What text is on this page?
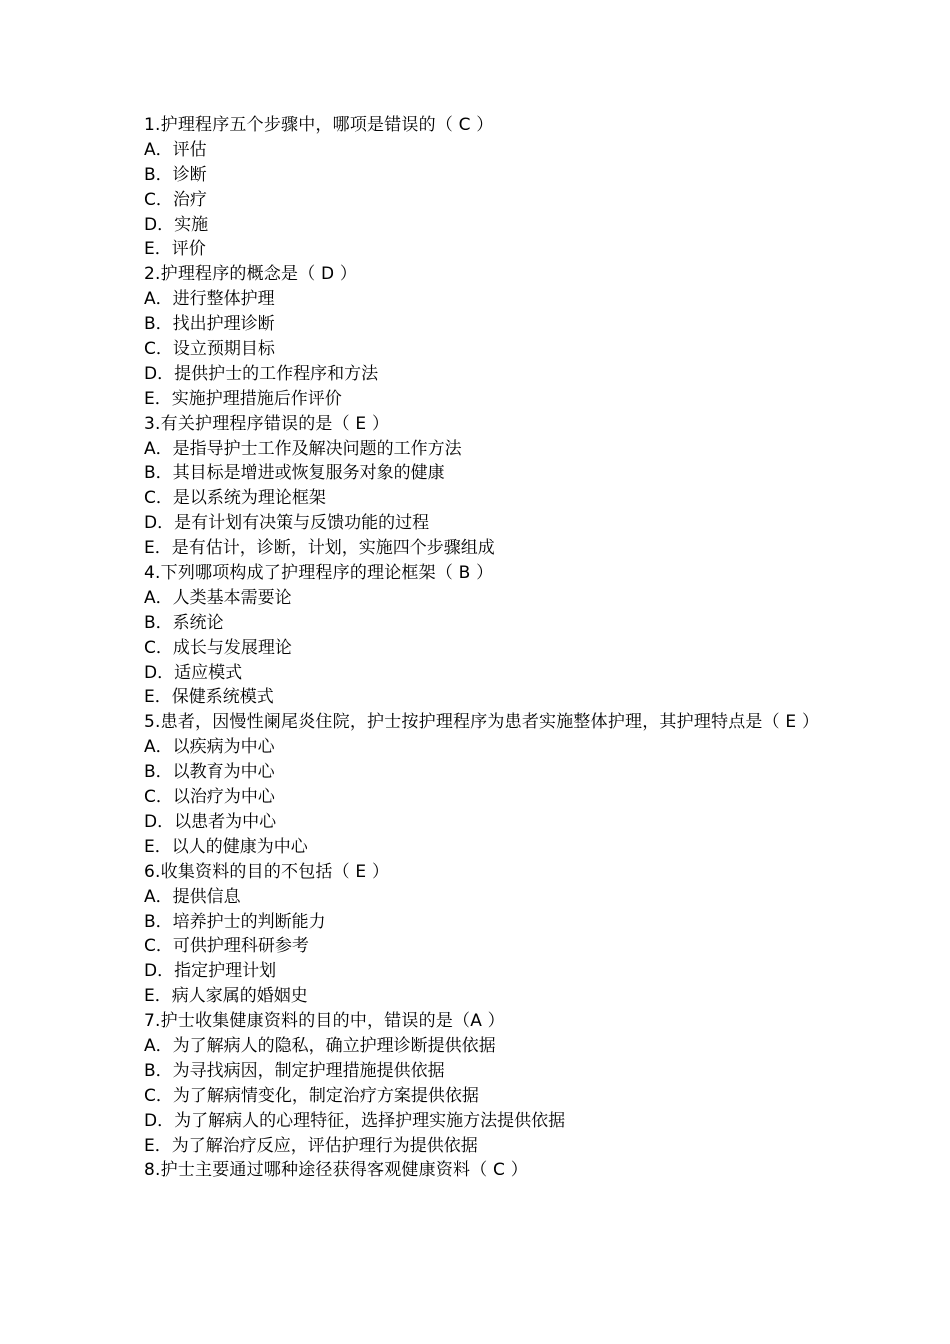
1.护理程序五个步骤中，哪项是错误的（ C ）
A．评估
B．诊断
C．治疗
D．实施
E．评价
2.护理程序的概念是（ D ）
A．进行整体护理
B．找出护理诊断
C．设立预期目标
D．提供护士的工作程序和方法
E．实施护理措施后作评价
3.有关护理程序错误的是（ E ）
A．是指导护士工作及解决问题的工作方法
B．其目标是增进或恢复服务对象的健康
C．是以系统为理论框架
D．是有计划有决策与反馈功能的过程
E．是有估计，诊断，计划，实施四个步骤组成
4.下列哪项构成了护理程序的理论框架（ B ）
A．人类基本需要论
B．系统论
C．成长与发展理论
D．适应模式
E．保健系统模式
5.患者，因慢性阑尾炎住院，护士按护理程序为患者实施整体护理，其护理特点是（ E ）
A．以疾病为中心
B．以教育为中心
C．以治疗为中心
D．以患者为中心
E．以人的健康为中心
6.收集资料的目的不包括（ E ）
A．提供信息
B．培养护士的判断能力
C．可供护理科研参考
D．指定护理计划
E．病人家属的婚姻史
7.护士收集健康资料的目的中，错误的是（A ）
A．为了解病人的隐私，确立护理诊断提供依据
B．为寻找病因，制定护理措施提供依据
C．为了解病情变化，制定治疗方案提供依据
D．为了解病人的心理特征，选择护理实施方法提供依据
E．为了解治疗反应，评估护理行为提供依据
8.护士主要通过哪种途径获得客观健康资料（ C ）
